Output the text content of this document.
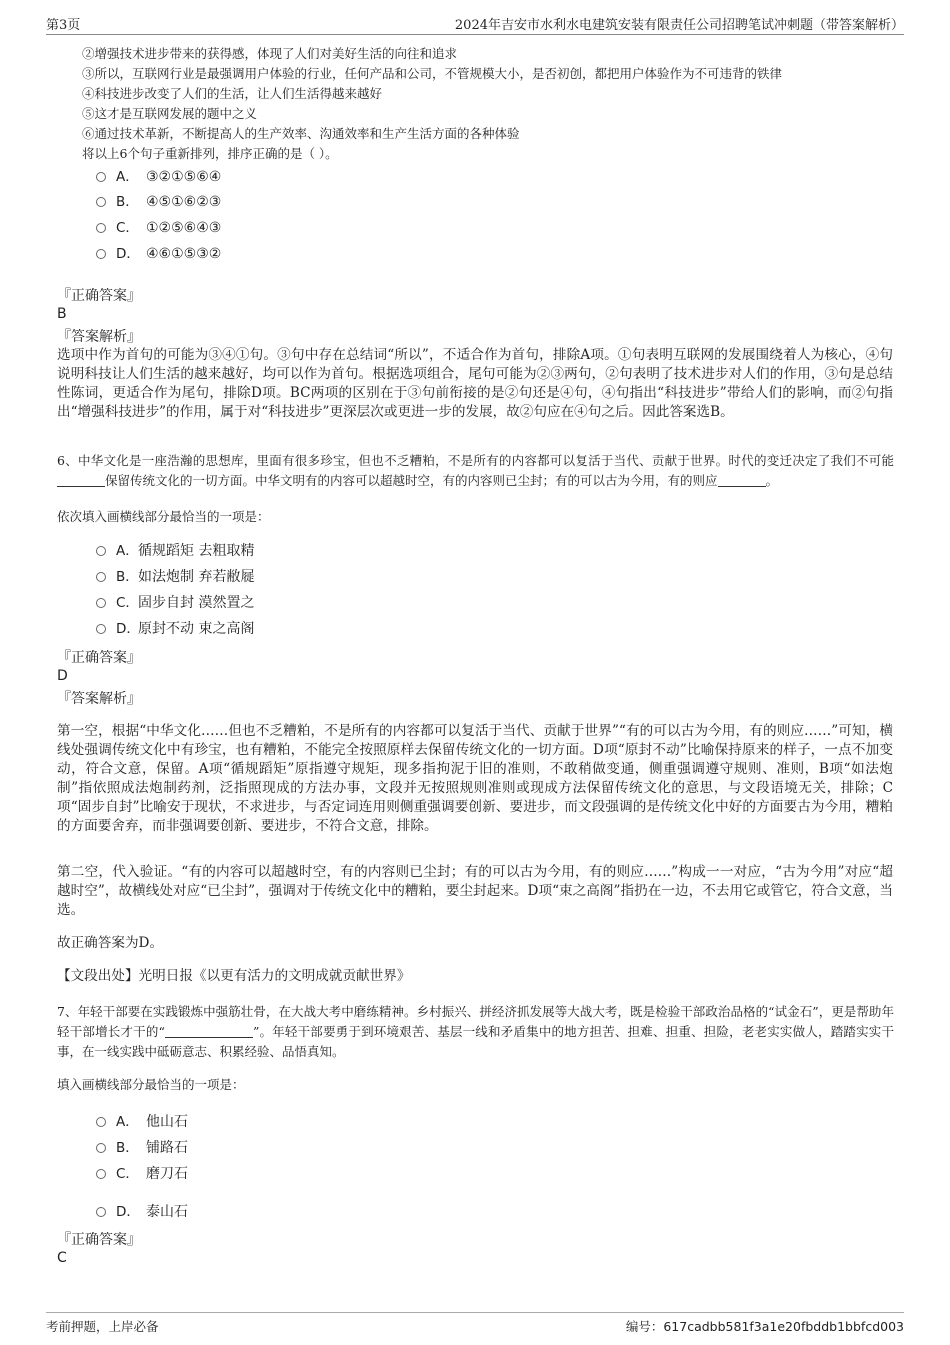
第3页	2024年吉安市水利水电建筑安装有限责任公司招聘笔试冲刺题（带答案解析）
②增强技术进步带来的获得感，体现了人们对美好生活的向往和追求
③所以，互联网行业是最强调用户体验的行业，任何产品和公司，不管规模大小，是否初创，都把用户体验作为不可违背的铁律
④科技进步改变了人们的生活，让人们生活得越来越好
⑤这才是互联网发展的题中之义
⑥通过技术革新，不断提高人的生产效率、沟通效率和生产生活方面的各种体验
将以上6个句子重新排列，排序正确的是（ ）。
A． ③②①⑤⑥④
B． ④⑤①⑥②③
C． ①②⑤⑥④③
D． ④⑥①⑤③②
『正确答案』
B
『答案解析』
选项中作为首句的可能为③④①句。③句中存在总结词“所以”，不适合作为首句，排除A项。①句表明互联网的发展围绕着人为核心，④句说明科技让人们生活的越来越好，均可以作为首句。根据选项组合，尾句可能为②③两句，②句表明了技术进步对人们的作用，③句是总结性陈词，更适合作为尾句，排除D项。BC两项的区别在于③句前衔接的是②句还是④句，④句指出“科技进步”带给人们的影响，而②句指出“增强科技进步”的作用，属于对“科技进步”更深层次或更进一步的发展，故②句应在④句之后。因此答案选B。
6、中华文化是一座浩瀚的思想库，里面有很多珍宝，但也不乏糟粕，不是所有的内容都可以复活于当代、贡献于世界。时代的变迁决定了我们不可能保留传统文化的一切方面。中华文明有的内容可以超越时空，有的内容则已尘封；有的可以古为今用，有的则应	。
依次填入画横线部分最恰当的一项是：
A．循规蹈矩 去粗取精
B．如法炮制 弃若敝屣
C．固步自封 漠然置之
D．原封不动 束之高阁
『正确答案』
D
『答案解析』
第一空，根据“中华文化……但也不乏糟粕，不是所有的内容都可以复活于当代、贡献于世界”“有的可以古为今用，有的则应……”可知，横线处强调传统文化中有珍宝，也有糟粕，不能完全按照原样去保留传统文化的一切方面。D项“原封不动”比喻保持原来的样子，一点不加变动，符合文意，保留。A项“循规蹈矩”原指遵守规矩，现多指拘泥于旧的准则，不敢稍做变通，侧重强调遵守规则、准则，B项“如法炮制”指依照成法炮制药剂，泛指照现成的方法办事，文段并无按照规则准则或现成方法保留传统文化的意思，与文段语境无关，排除；C项“固步自封”比喻安于现状，不求进步，与否定词连用则侧重强调要创新、要进步，而文段强调的是传统文化中好的方面要古为今用，糟粕的方面要舍弃，而非强调要创新、要进步，不符合文意，排除。
第二空，代入验证。“有的内容可以超越时空，有的内容则已尘封；有的可以古为今用，有的则应……”构成一一对应，“古为今用”对应“超越时空”，故横线处对应“已尘封”，强调对于传统文化中的糟粕，要尘封起来。D项“束之高阁”指扔在一边，不去用它或管它，符合文意，当选。
故正确答案为D。
【文段出处】光明日报《以更有活力的文明成就贡献世界》
7、年轻干部要在实践锻炼中强筋壮骨，在大战大考中磨练精神。乡村振兴、拼经济抓发展等大战大考，既是检验干部政治品格的“试金石”，更是帮助年轻干部增长才干的“	”。年轻干部要勇于到环境艰苦、基层一线和矛盾集中的地方担苦、担难、担重、担险，老老实实做人，踏踏实实干事，在一线实践中砥砺意志、积累经验、品悟真知。
填入画横线部分最恰当的一项是：
A． 他山石
B． 铺路石
C． 磨刀石
D． 泰山石
『正确答案』
C
考前押题，上岸必备	编号：617cadbb581f3a1e20fbddb1bbfcd003
